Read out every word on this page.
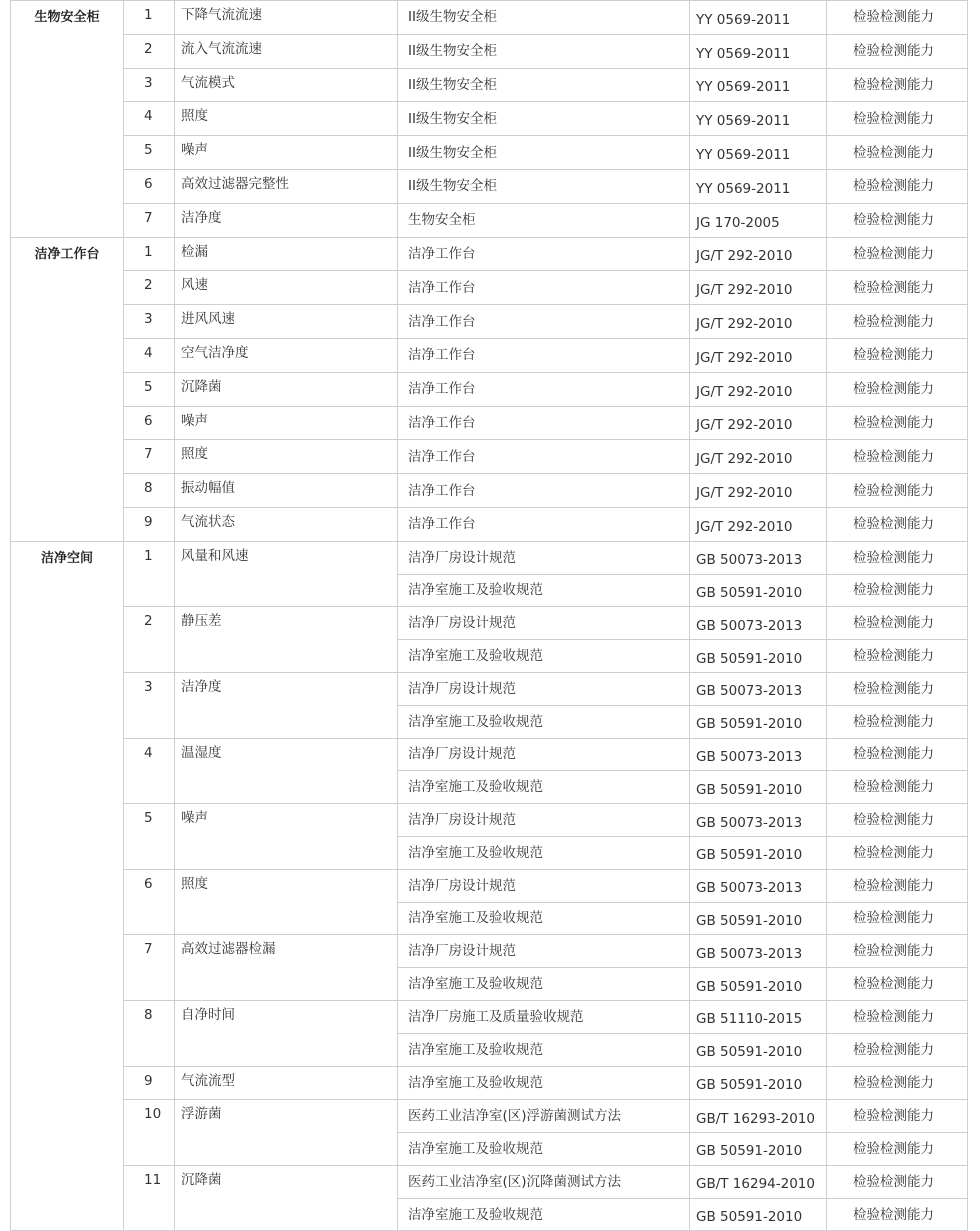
生物安全柜	1	下降气流流速	II级生物安全柜	YY 0569-2011	检验检测能力
	2	流入气流流速	II级生物安全柜	YY 0569-2011	检验检测能力
	3	气流模式	II级生物安全柜	YY 0569-2011	检验检测能力
	4	照度	II级生物安全柜	YY 0569-2011	检验检测能力
	5	噪声	II级生物安全柜	YY 0569-2011	检验检测能力
	6	高效过滤器完整性	II级生物安全柜	YY 0569-2011	检验检测能力
	7	洁净度	生物安全柜	JG 170-2005	检验检测能力
洁净工作台	1	检漏	洁净工作台	JG/T 292-2010	检验检测能力
	2	风速	洁净工作台	JG/T 292-2010	检验检测能力
	3	进风风速	洁净工作台	JG/T 292-2010	检验检测能力
	4	空气洁净度	洁净工作台	JG/T 292-2010	检验检测能力
	5	沉降菌	洁净工作台	JG/T 292-2010	检验检测能力
	6	噪声	洁净工作台	JG/T 292-2010	检验检测能力
	7	照度	洁净工作台	JG/T 292-2010	检验检测能力
	8	振动幅值	洁净工作台	JG/T 292-2010	检验检测能力
	9	气流状态	洁净工作台	JG/T 292-2010	检验检测能力
洁净空间	1	风量和风速	洁净厂房设计规范	GB 50073-2013	检验检测能力
			洁净室施工及验收规范	GB 50591-2010	检验检测能力
	2	静压差	洁净厂房设计规范	GB 50073-2013	检验检测能力
			洁净室施工及验收规范	GB 50591-2010	检验检测能力
	3	洁净度	洁净厂房设计规范	GB 50073-2013	检验检测能力
			洁净室施工及验收规范	GB 50591-2010	检验检测能力
	4	温湿度	洁净厂房设计规范	GB 50073-2013	检验检测能力
			洁净室施工及验收规范	GB 50591-2010	检验检测能力
	5	噪声	洁净厂房设计规范	GB 50073-2013	检验检测能力
			洁净室施工及验收规范	GB 50591-2010	检验检测能力
	6	照度	洁净厂房设计规范	GB 50073-2013	检验检测能力
			洁净室施工及验收规范	GB 50591-2010	检验检测能力
	7	高效过滤器检漏	洁净厂房设计规范	GB 50073-2013	检验检测能力
			洁净室施工及验收规范	GB 50591-2010	检验检测能力
	8	自净时间	洁净厂房施工及质量验收规范	GB 51110-2015	检验检测能力
			洁净室施工及验收规范	GB 50591-2010	检验检测能力
	9	气流流型	洁净室施工及验收规范	GB 50591-2010	检验检测能力
	10	浮游菌	医药工业洁净室(区)浮游菌测试方法	GB/T 16293-2010	检验检测能力
			洁净室施工及验收规范	GB 50591-2010	检验检测能力
	11	沉降菌	医药工业洁净室(区)沉降菌测试方法	GB/T 16294-2010	检验检测能力
			洁净室施工及验收规范	GB 50591-2010	检验检测能力
